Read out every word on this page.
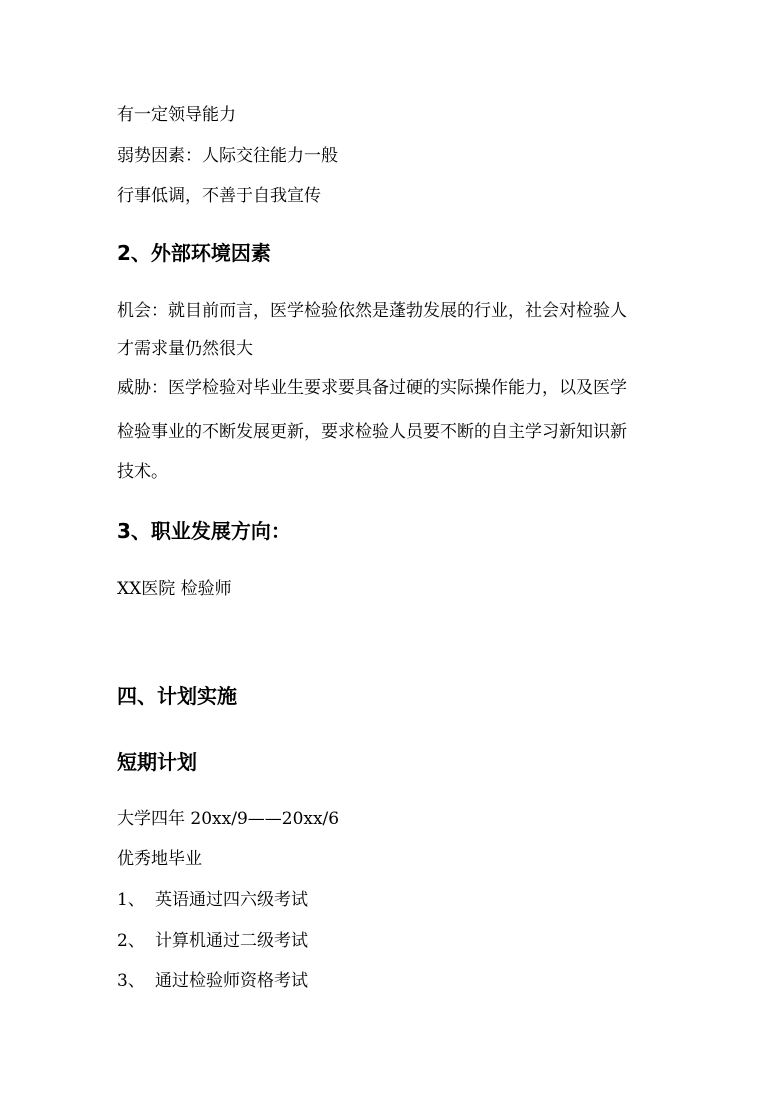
有一定领导能力
弱势因素：人际交往能力一般
行事低调，不善于自我宣传
2、外部环境因素
机会：就目前而言，医学检验依然是蓬勃发展的行业，社会对检验人
才需求量仍然很大
威胁：医学检验对毕业生要求要具备过硬的实际操作能力，以及医学
检验事业的不断发展更新，要求检验人员要不断的自主学习新知识新
技术。
3、职业发展方向：
XX医院 检验师
四、计划实施
短期计划
大学四年 20xx/9——20xx/6
优秀地毕业
1、 英语通过四六级考试
2、 计算机通过二级考试
3、 通过检验师资格考试
